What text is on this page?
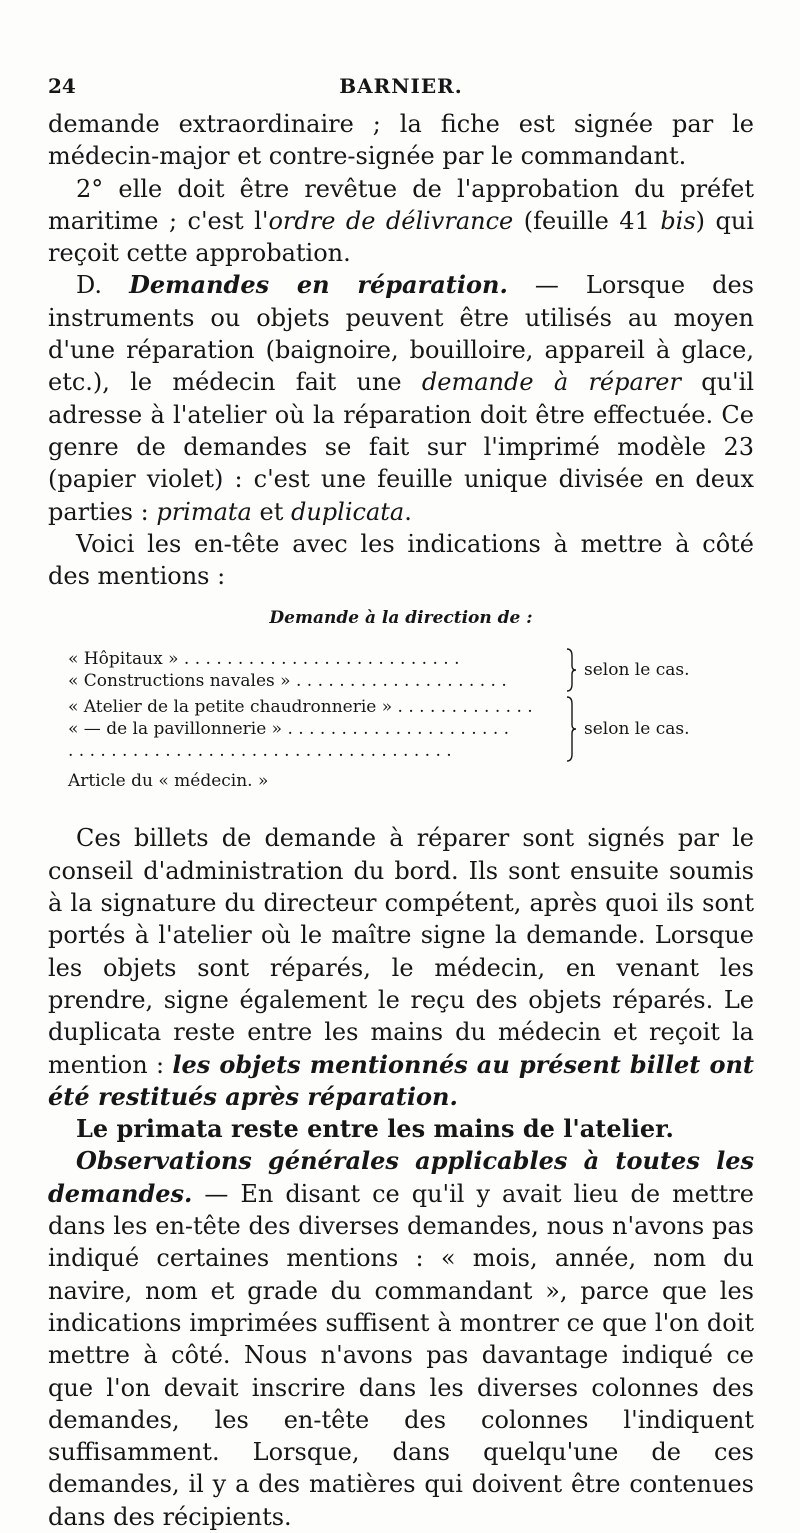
24	BARNIER.

demande extraordinaire ; la fiche est signée par le médecin-major et contre-signée par le commandant.

2° elle doit être revêtue de l'approbation du préfet maritime ; c'est l'ordre de délivrance (feuille 41 bis) qui reçoit cette approbation.

D. Demandes en réparation. — Lorsque des instruments ou objets peuvent être utilisés au moyen d'une réparation (baignoire, bouilloire, appareil à glace, etc.), le médecin fait une demande à réparer qu'il adresse à l'atelier où la réparation doit être effectuée. Ce genre de demandes se fait sur l'imprimé modèle 23 (papier violet) : c'est une feuille unique divisée en deux parties : primata et duplicata.

Voici les en-tête avec les indications à mettre à côté des mentions :

Demande à la direction de :
« Hôpitaux » . . . . . . . . . . . . . . . . . . . . . . . . . .
« Constructions navales » . . . . . . . . . . . . . . . . . . . .
selon le cas.
« Atelier de la petite chaudronnerie » . . . . . . . . . . . . .
« — de la pavillonnerie » . . . . . . . . . . . . . . . . . . . . .
. . . . . . . . . . . . . . . . . . . . . . . . . . . . . . . . . . . .
selon le cas.
Article du « médecin. »

Ces billets de demande à réparer sont signés par le conseil d'administration du bord. Ils sont ensuite soumis à la signature du directeur compétent, après quoi ils sont portés à l'atelier où le maître signe la demande. Lorsque les objets sont réparés, le médecin, en venant les prendre, signe également le reçu des objets réparés. Le duplicata reste entre les mains du médecin et reçoit la mention : les objets mentionnés au présent billet ont été restitués après réparation.

Le primata reste entre les mains de l'atelier.

Observations générales applicables à toutes les demandes. — En disant ce qu'il y avait lieu de mettre dans les en-tête des diverses demandes, nous n'avons pas indiqué certaines mentions : « mois, année, nom du navire, nom et grade du commandant », parce que les indications imprimées suffisent à montrer ce que l'on doit mettre à côté. Nous n'avons pas davantage indiqué ce que l'on devait inscrire dans les diverses colonnes des demandes, les en-tête des colonnes l'indiquent suffisamment. Lorsque, dans quelqu'une de ces demandes, il y a des matières qui doivent être contenues dans des récipients.
